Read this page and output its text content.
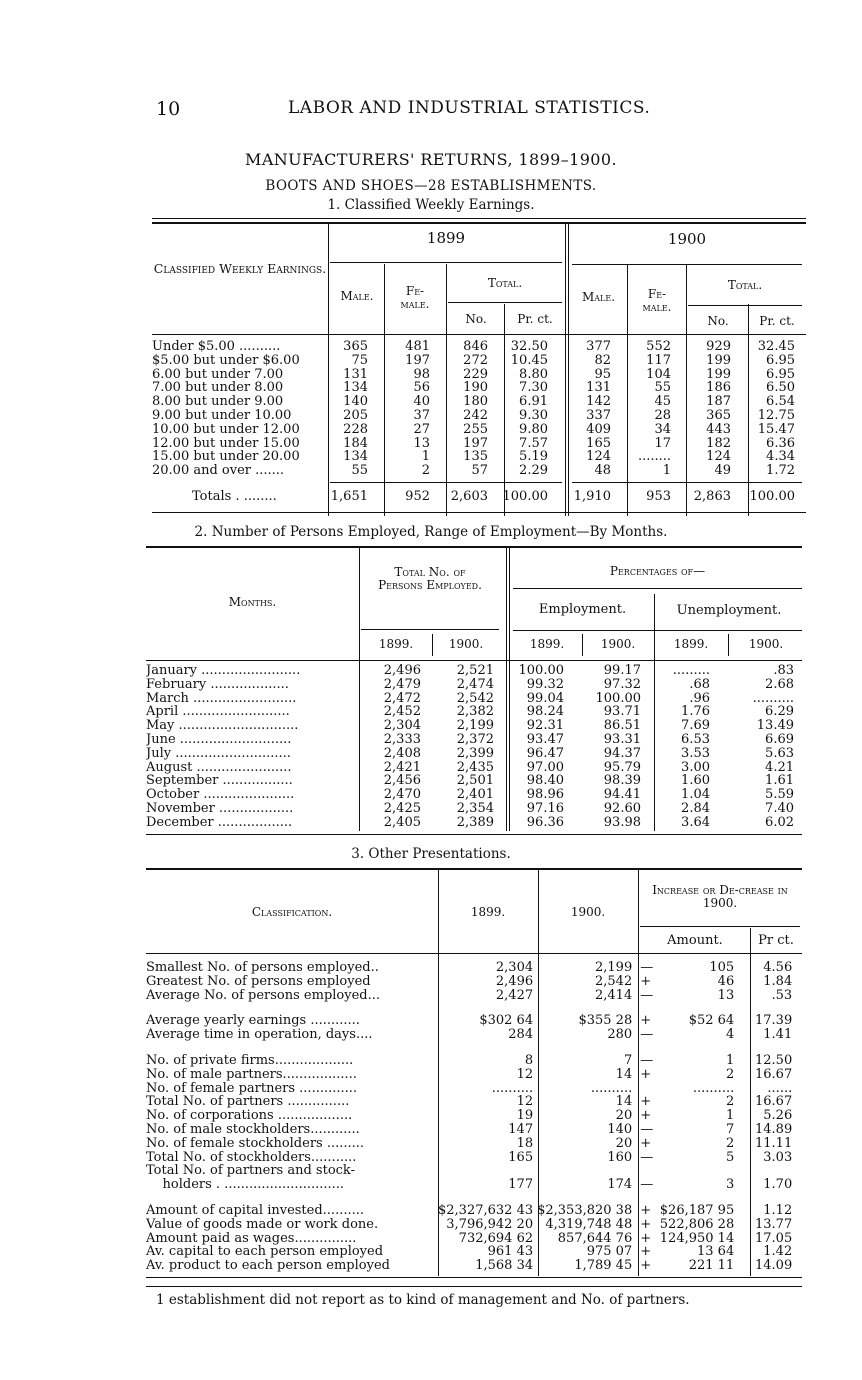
10	LABOR AND INDUSTRIAL STATISTICS.
MANUFACTURERS' RETURNS, 1899–1900.
BOOTS AND SHOES—28 ESTABLISHMENTS.
1. Classified Weekly Earnings.
Classified Weekly Earnings.
1899	1900
Male.	Fe-male.
Total.
No.	Pr. ct.
Male.	Fe-male.
Total.
No.	Pr. ct.
Under $5.00 ..........	365	481	846	32.50	377	552	929	32.45
$5.00 but under $6.00	75	197	272	10.45	82	117	199	6.95
6.00 but under 7.00	131	98	229	8.80	95	104	199	6.95
7.00 but under 8.00	134	56	190	7.30	131	55	186	6.50
8.00 but under 9.00	140	40	180	6.91	142	45	187	6.54
9.00 but under 10.00	205	37	242	9.30	337	28	365	12.75
10.00 but under 12.00	228	27	255	9.80	409	34	443	15.47
12.00 but under 15.00	184	13	197	7.57	165	17	182	6.36
15.00 but under 20.00	134	1	135	5.19	124	........	124	4.34
20.00 and over .......	55	2	57	2.29	48	1	49	1.72
Totals . ........	1,651	952	2,603	100.00	1,910	953	2,863	100.00
2. Number of Persons Employed, Range of Employment—By Months.
Months.
Total No. of Persons Employed.
Percentages of—
Employment.	Unemployment.
1899.	1900.	1899.	1900.	1899.	1900.
January ........................	2,496	2,521	100.00	99.17	.........	.83
February ...................	2,479	2,474	99.32	97.32	.68	2.68
March .........................	2,472	2,542	99.04	100.00	.96	..........
April ..........................	2,452	2,382	98.24	93.71	1.76	6.29
May .............................	2,304	2,199	92.31	86.51	7.69	13.49
June ...........................	2,333	2,372	93.47	93.31	6.53	6.69
July ............................	2,408	2,399	96.47	94.37	3.53	5.63
August .......................	2,421	2,435	97.00	95.79	3.00	4.21
September .................	2,456	2,501	98.40	98.39	1.60	1.61
October ......................	2,470	2,401	98.96	94.41	1.04	5.59
November ..................	2,425	2,354	97.16	92.60	2.84	7.40
December ..................	2,405	2,389	96.36	93.98	3.64	6.02
3. Other Presentations.
Classification.	1899.	1900.
Increase or De-crease in 1900.
Amount.	Pr ct.
Smallest No. of persons employed..	2,304	2,199	—	105	4.56
Greatest No. of persons employed	2,496	2,542	+	46	1.84
Average No. of persons employed...	2,427	2,414	—	13	.53

Average yearly earnings ............	$302 64	$355 28	+	$52 64	17.39
Average time in operation, days....	284	280	—	4	1.41

No. of private firms...................	8	7	—	1	12.50
No. of male partners..................	12	14	+	2	16.67
No. of female partners ..............	..........	..........		..........	......
Total No. of partners ...............	12	14	+	2	16.67
No. of corporations ..................	19	20	+	1	5.26
No. of male stockholders............	147	140	—	7	14.89
No. of female stockholders .........	18	20	+	2	11.11
Total No. of stockholders...........	165	160	—	5	3.03
Total No. of partners and stock-					
holders . .............................	177	174	—	3	1.70

Amount of capital invested..........	$2,327,632 43	$2,353,820 38	+	$26,187 95	1.12
Value of goods made or work done.	3,796,942 20	4,319,748 48	+	522,806 28	13.77
Amount paid as wages...............	732,694 62	857,644 76	+	124,950 14	17.05
Av. capital to each person employed	961 43	975 07	+	13 64	1.42
Av. product to each person employed	1,568 34	1,789 45	+	221 11	14.09
1 establishment did not report as to kind of management and No. of partners.
